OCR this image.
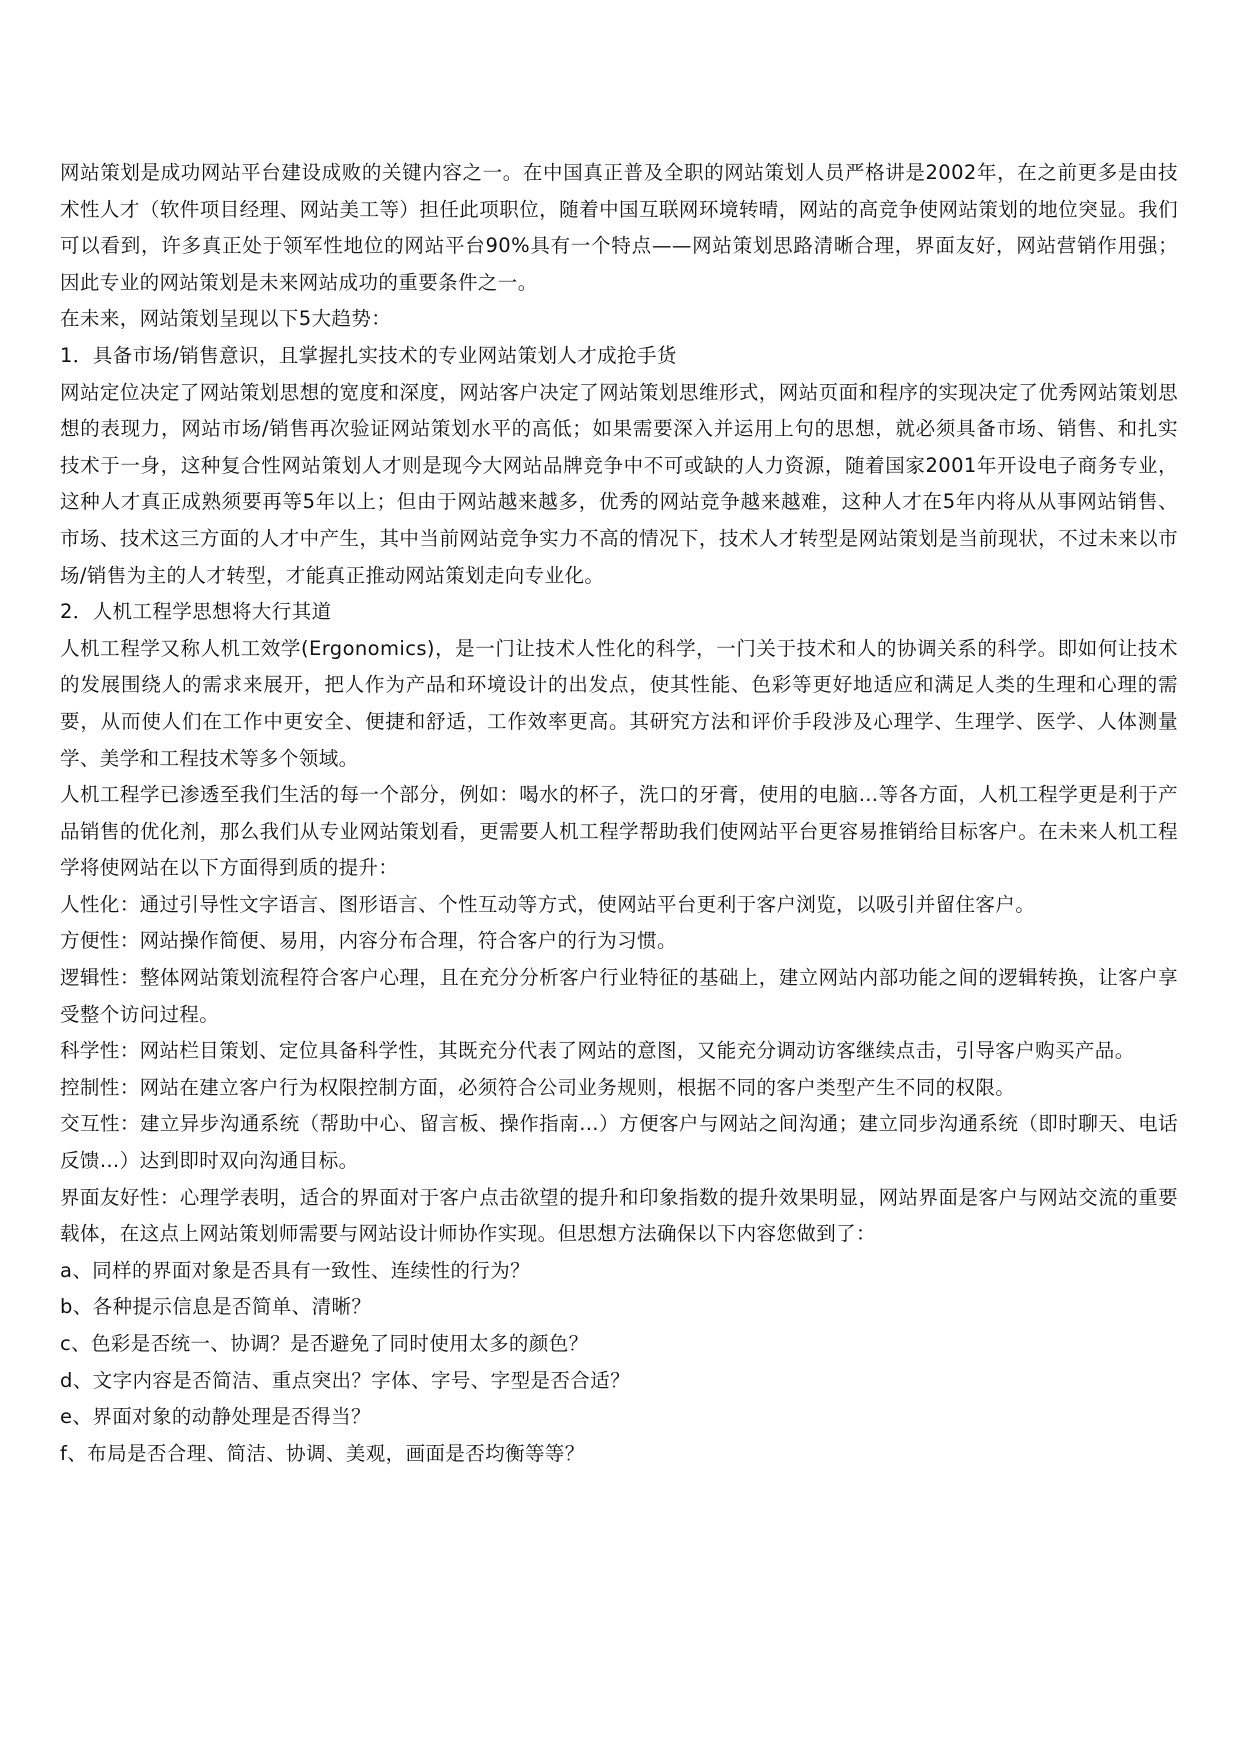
网站策划是成功网站平台建设成败的关键内容之一。在中国真正普及全职的网站策划人员严格讲是2002年，在之前更多是由技术性人才（软件项目经理、网站美工等）担任此项职位，随着中国互联网环境转晴，网站的高竞争使网站策划的地位突显。我们可以看到，许多真正处于领军性地位的网站平台90%具有一个特点——网站策划思路清晰合理，界面友好，网站营销作用强；因此专业的网站策划是未来网站成功的重要条件之一。

在未来，网站策划呈现以下5大趋势：

1．具备市场/销售意识，且掌握扎实技术的专业网站策划人才成抢手货

网站定位决定了网站策划思想的宽度和深度，网站客户决定了网站策划思维形式，网站页面和程序的实现决定了优秀网站策划思想的表现力，网站市场/销售再次验证网站策划水平的高低；如果需要深入并运用上句的思想，就必须具备市场、销售、和扎实技术于一身，这种复合性网站策划人才则是现今大网站品牌竞争中不可或缺的人力资源，随着国家2001年开设电子商务专业，这种人才真正成熟须要再等5年以上；但由于网站越来越多，优秀的网站竞争越来越难，这种人才在5年内将从从事网站销售、市场、技术这三方面的人才中产生，其中当前网站竞争实力不高的情况下，技术人才转型是网站策划是当前现状，不过未来以市场/销售为主的人才转型，才能真正推动网站策划走向专业化。

2．人机工程学思想将大行其道

人机工程学又称人机工效学(Ergonomics)，是一门让技术人性化的科学，一门关于技术和人的协调关系的科学。即如何让技术的发展围绕人的需求来展开，把人作为产品和环境设计的出发点，使其性能、色彩等更好地适应和满足人类的生理和心理的需要，从而使人们在工作中更安全、便捷和舒适，工作效率更高。其研究方法和评价手段涉及心理学、生理学、医学、人体测量学、美学和工程技术等多个领域。

人机工程学已渗透至我们生活的每一个部分，例如：喝水的杯子，洗口的牙膏，使用的电脑…等各方面，人机工程学更是利于产品销售的优化剂，那么我们从专业网站策划看，更需要人机工程学帮助我们使网站平台更容易推销给目标客户。在未来人机工程学将使网站在以下方面得到质的提升：

人性化：通过引导性文字语言、图形语言、个性互动等方式，使网站平台更利于客户浏览，以吸引并留住客户。

方便性：网站操作简便、易用，内容分布合理，符合客户的行为习惯。

逻辑性：整体网站策划流程符合客户心理，且在充分分析客户行业特征的基础上，建立网站内部功能之间的逻辑转换，让客户享受整个访问过程。

科学性：网站栏目策划、定位具备科学性，其既充分代表了网站的意图，又能充分调动访客继续点击，引导客户购买产品。

控制性：网站在建立客户行为权限控制方面，必须符合公司业务规则，根据不同的客户类型产生不同的权限。

交互性：建立异步沟通系统（帮助中心、留言板、操作指南…）方便客户与网站之间沟通；建立同步沟通系统（即时聊天、电话反馈…）达到即时双向沟通目标。

界面友好性：心理学表明，适合的界面对于客户点击欲望的提升和印象指数的提升效果明显，网站界面是客户与网站交流的重要载体，在这点上网站策划师需要与网站设计师协作实现。但思想方法确保以下内容您做到了：

a、同样的界面对象是否具有一致性、连续性的行为？

b、各种提示信息是否简单、清晰？

c、色彩是否统一、协调？是否避免了同时使用太多的颜色？

d、文字内容是否简洁、重点突出？字体、字号、字型是否合适？

e、界面对象的动静处理是否得当？

f、布局是否合理、简洁、协调、美观，画面是否均衡等等？
